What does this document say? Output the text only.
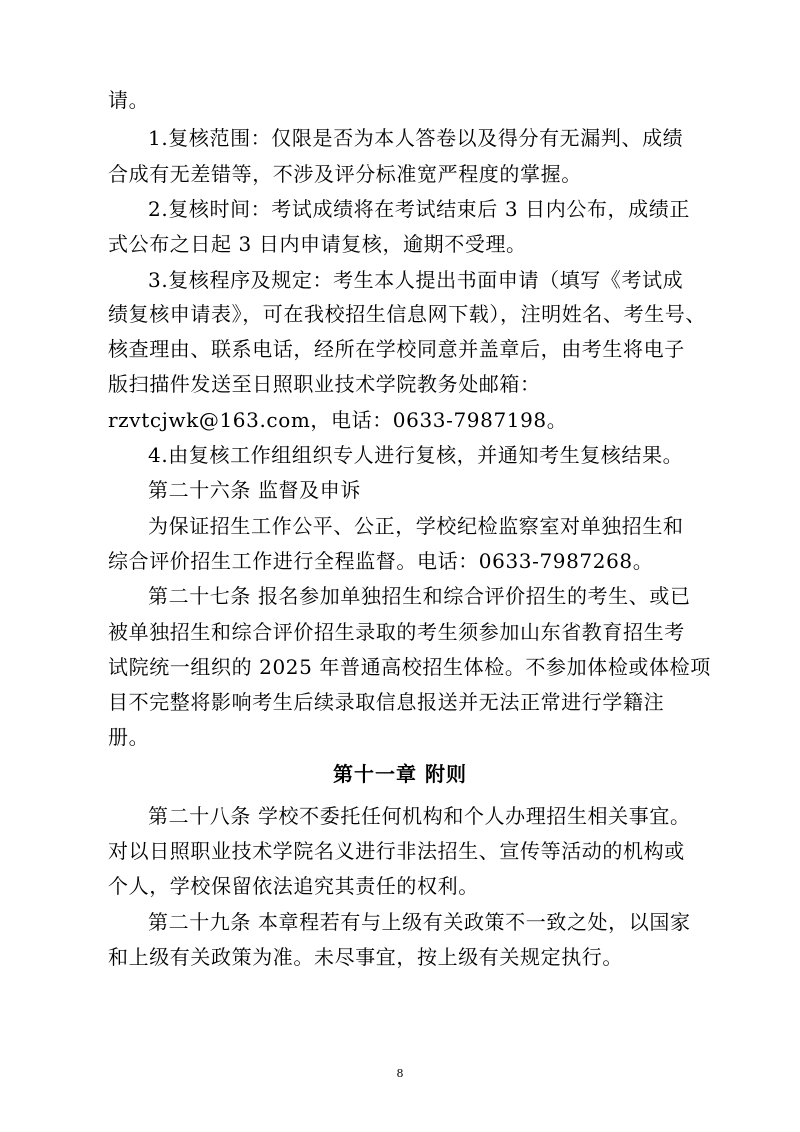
请。
1.复核范围：仅限是否为本人答卷以及得分有无漏判、成绩
合成有无差错等，不涉及评分标准宽严程度的掌握。
2.复核时间：考试成绩将在考试结束后 3 日内公布，成绩正
式公布之日起 3 日内申请复核，逾期不受理。
3.复核程序及规定：考生本人提出书面申请（填写《考试成
绩复核申请表》，可在我校招生信息网下载），注明姓名、考生号、
核查理由、联系电话，经所在学校同意并盖章后，由考生将电子
版扫描件发送至日照职业技术学院教务处邮箱：
rzvtcjwk@163.com，电话：0633-7987198。
4.由复核工作组组织专人进行复核，并通知考生复核结果。
第二十六条 监督及申诉
为保证招生工作公平、公正，学校纪检监察室对单独招生和
综合评价招生工作进行全程监督。电话：0633-7987268。
第二十七条 报名参加单独招生和综合评价招生的考生、或已
被单独招生和综合评价招生录取的考生须参加山东省教育招生考
试院统一组织的 2025 年普通高校招生体检。不参加体检或体检项
目不完整将影响考生后续录取信息报送并无法正常进行学籍注
册。
第十一章 附则
第二十八条 学校不委托任何机构和个人办理招生相关事宜。
对以日照职业技术学院名义进行非法招生、宣传等活动的机构或
个人，学校保留依法追究其责任的权利。
第二十九条 本章程若有与上级有关政策不一致之处，以国家
和上级有关政策为准。未尽事宜，按上级有关规定执行。
8
